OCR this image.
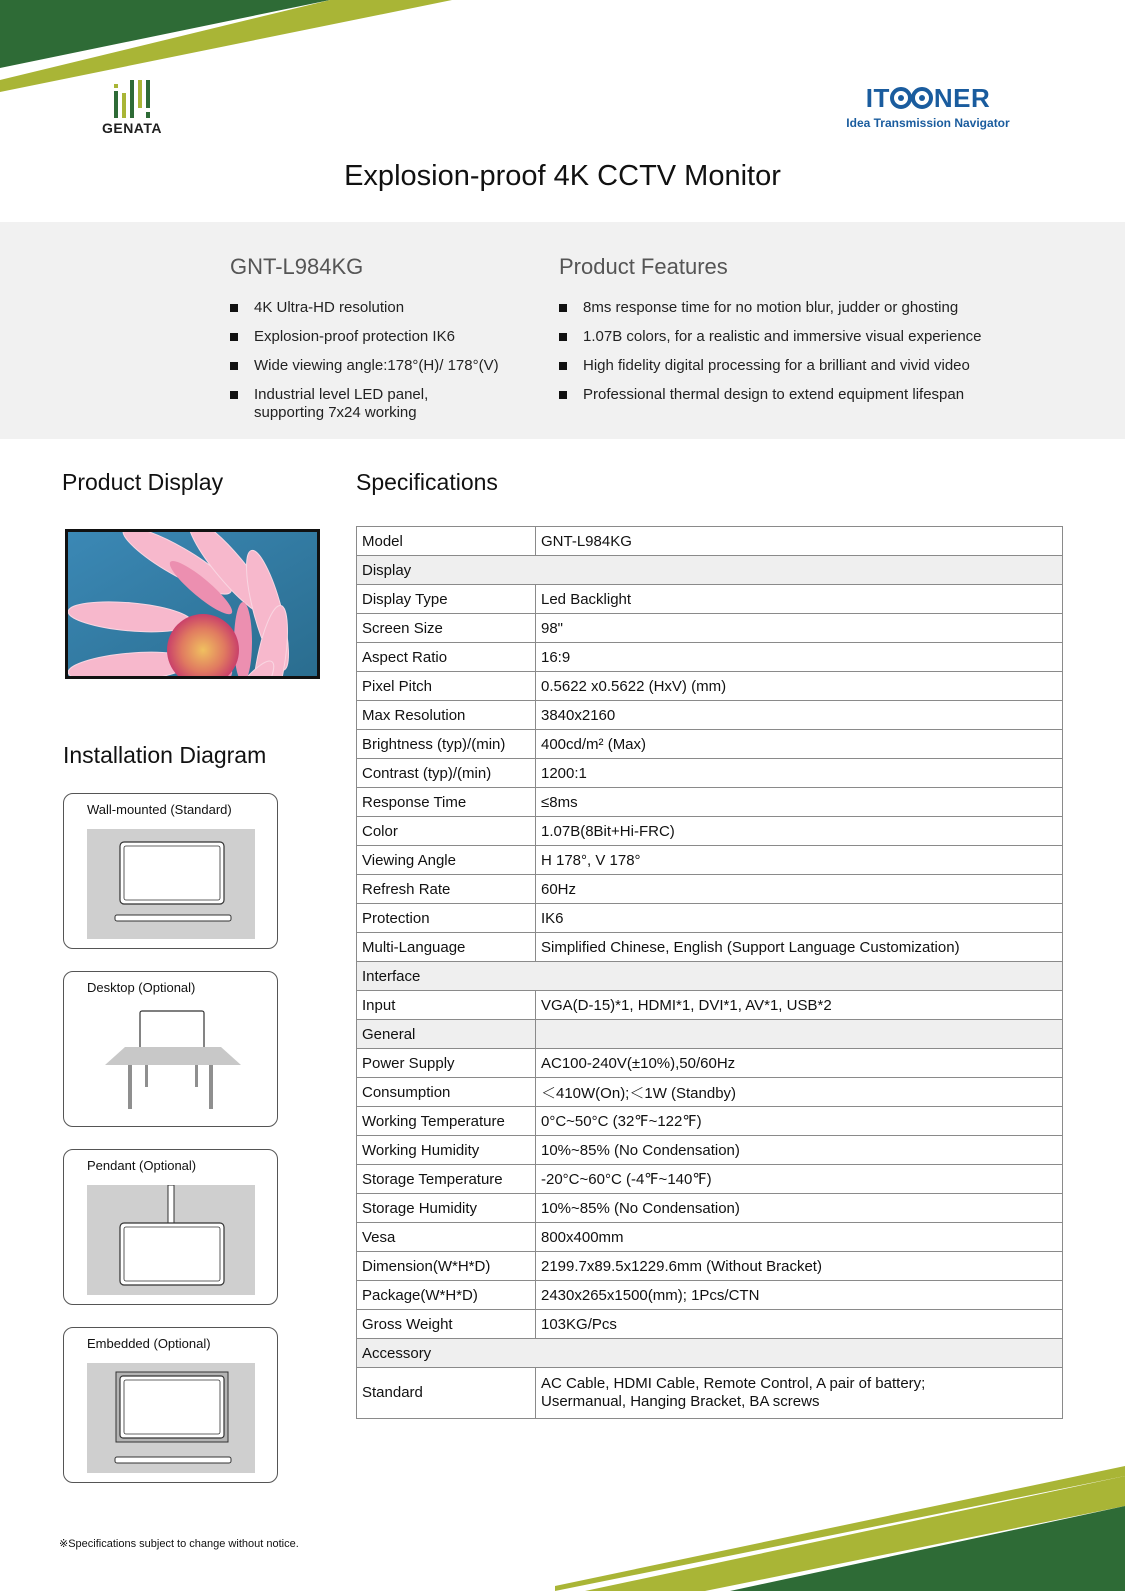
GENATA
IT NER
Idea Transmission Navigator
Explosion-proof 4K CCTV Monitor
GNT-L984KG
4K Ultra-HD resolution
Explosion-proof protection IK6
Wide viewing angle:178°(H)/ 178°(V)
Industrial level LED panel,
supporting 7x24 working
Product Features
8ms response time for no motion blur, judder or ghosting
1.07B colors, for a realistic and immersive visual experience
High fidelity digital processing for a brilliant and vivid video
Professional thermal design to extend equipment lifespan
Product Display
Installation Diagram
Specifications
Wall-mounted (Standard)
Desktop (Optional)
Pendant (Optional)
Embedded (Optional)
Model	GNT-L984KG
Display	
Display Type	Led Backlight
Screen Size	98"
Aspect Ratio	16:9
Pixel Pitch	0.5622 x0.5622 (HxV) (mm)
Max Resolution	3840x2160
Brightness (typ)/(min)	400cd/m² (Max)
Contrast (typ)/(min)	1200:1
Response Time	≤8ms
Color	1.07B(8Bit+Hi-FRC)
Viewing Angle	H 178°, V 178°
Refresh Rate	60Hz
Protection	IK6
Multi-Language	Simplified Chinese, English (Support Language Customization)
Interface	
Input	VGA(D-15)*1, HDMI*1, DVI*1, AV*1, USB*2
General	
Power Supply	AC100-240V(±10%),50/60Hz
Consumption	＜410W(On);＜1W (Standby)
Working Temperature	0°C~50°C (32℉~122℉)
Working Humidity	10%~85% (No Condensation)
Storage Temperature	-20°C~60°C (-4℉~140℉)
Storage Humidity	10%~85% (No Condensation)
Vesa	800x400mm
Dimension(W*H*D)	2199.7x89.5x1229.6mm (Without Bracket)
Package(W*H*D)	2430x265x1500(mm); 1Pcs/CTN
Gross Weight	103KG/Pcs
Accessory	
Standard	AC Cable, HDMI Cable, Remote Control, A pair of battery;
Usermanual, Hanging Bracket, BA screws
※Specifications subject to change without notice.
